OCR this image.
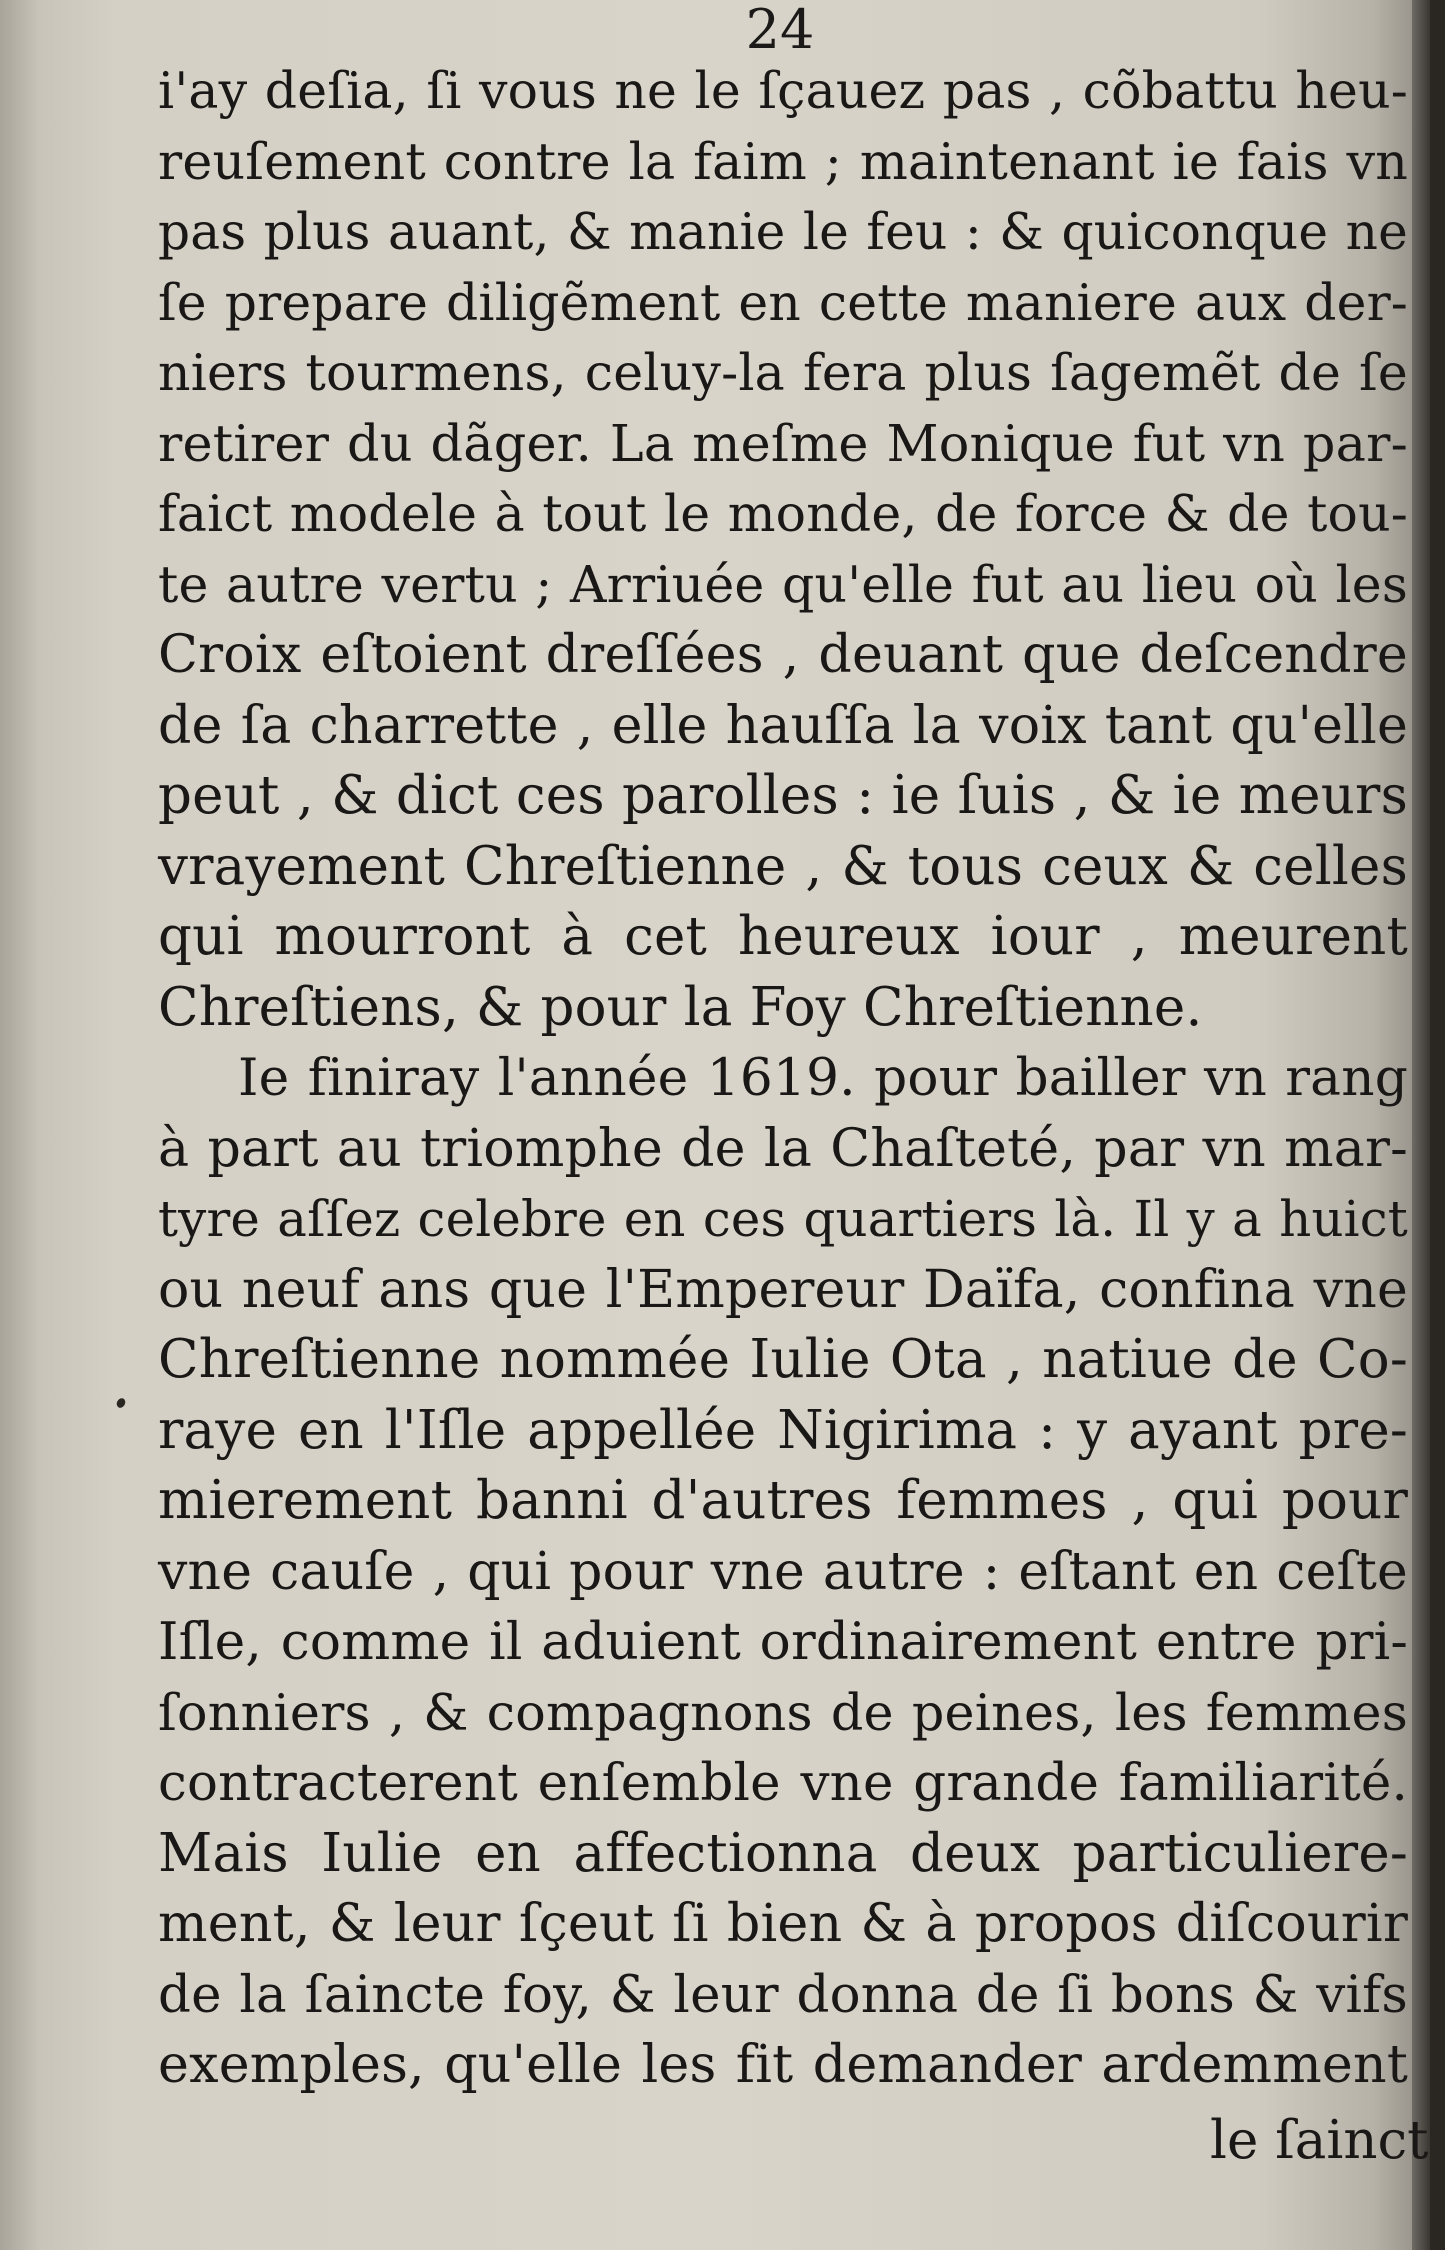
24
i'ay deſia, ſi vous ne le ſçauez pas , cõbattu heu-
reuſement contre la faim ; maintenant ie fais vn
pas plus auant, & manie le feu : & quiconque ne
ſe prepare diligẽment en cette maniere aux der-
niers tourmens, celuy-la fera plus ſagemẽt de ſe
retirer du dãger. La meſme Monique fut vn par-
faict modele à tout le monde, de force & de tou-
te autre vertu ; Arriuée qu'elle fut au lieu où les
Croix eſtoient dreſſées , deuant que deſcendre
de ſa charrette , elle hauſſa la voix tant qu'elle
peut , & dict ces parolles : ie ſuis , & ie meurs
vrayement Chreſtienne , & tous ceux & celles
qui mourront à cet heureux iour , meurent
Chreſtiens, & pour la Foy Chreſtienne.
Ie finiray l'année 1619. pour bailler vn rang
à part au triomphe de la Chaſteté, par vn mar-
tyre aſſez celebre en ces quartiers là. Il y a huict
ou neuf ans que l'Empereur Daïfa, confina vne
Chreſtienne nommée Iulie Ota , natiue de Co-
raye en l'Iſle appellée Nigirima : y ayant pre-
mierement banni d'autres femmes , qui pour
vne cauſe , qui pour vne autre : eſtant en ceſte
Iſle, comme il aduient ordinairement entre pri-
ſonniers , & compagnons de peines, les femmes
contracterent enſemble vne grande familiarité.
Mais Iulie en affectionna deux particuliere-
ment, & leur ſçeut ſi bien & à propos diſcourir
de la ſaincte foy, & leur donna de ſi bons & vifs
exemples, qu'elle les fit demander ardemment
le ſainct
